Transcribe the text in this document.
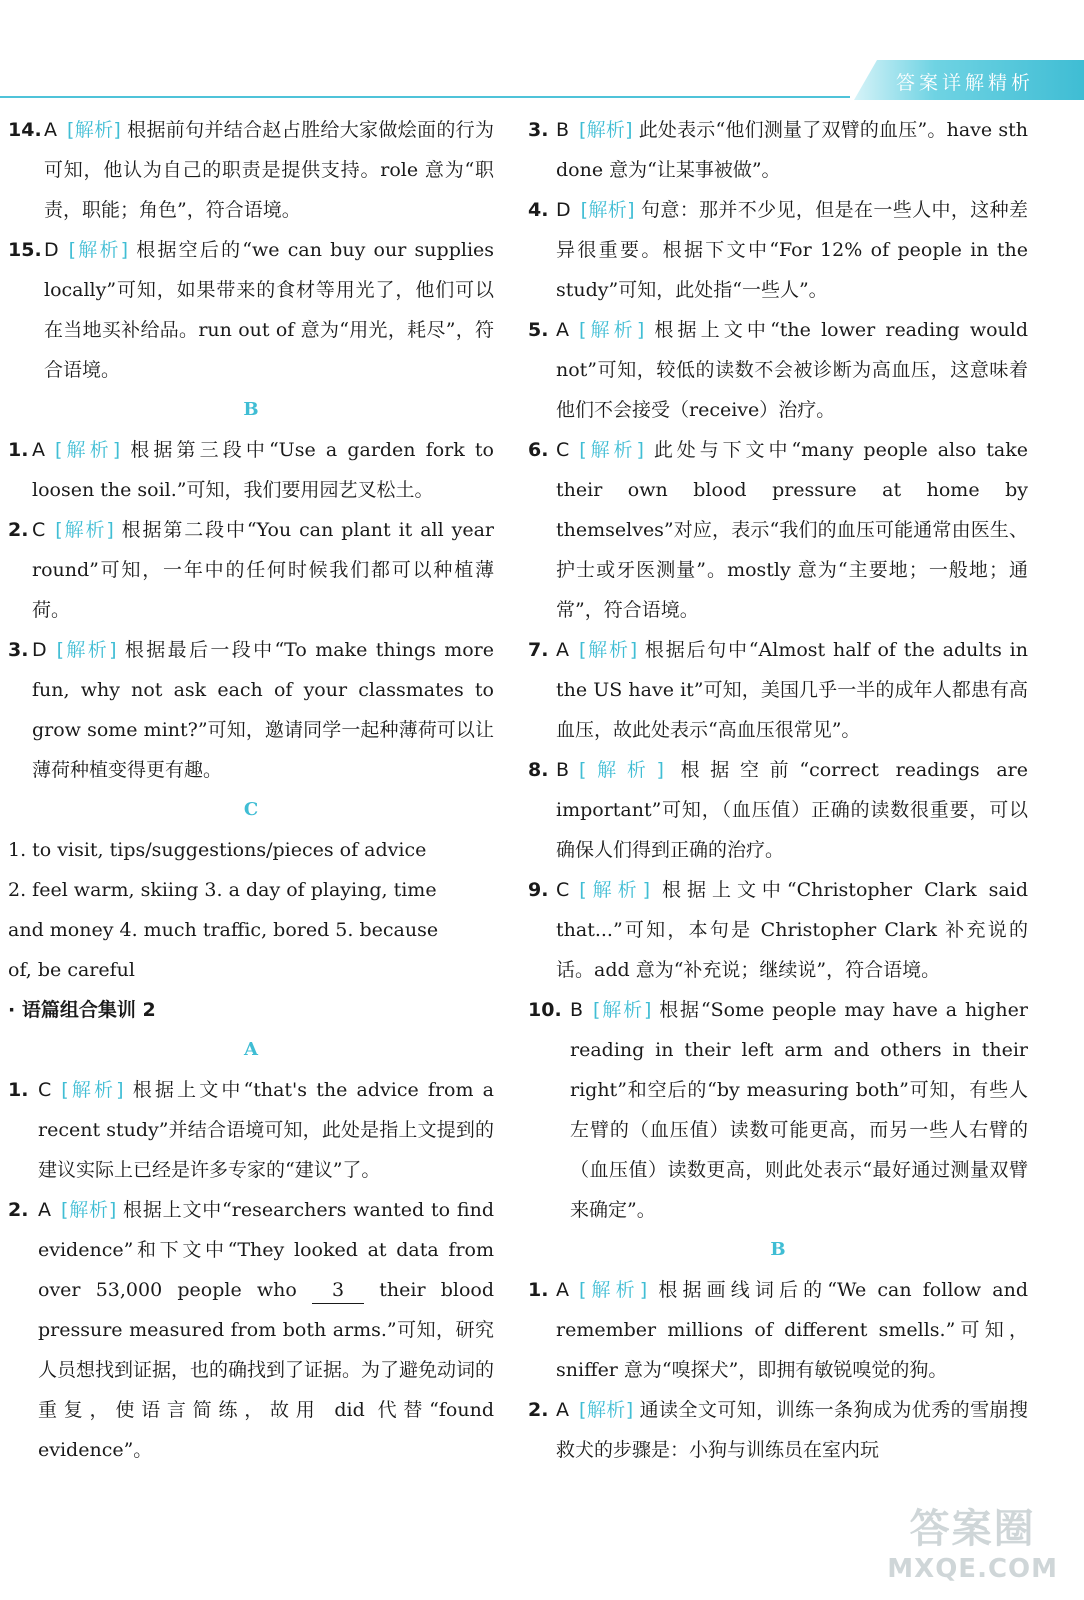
答案详解精析
14. A [解析] 根据前句并结合赵占胜给大家做烩面的行为可知，他认为自己的职责是提供支持。role 意为“职责，职能；角色”，符合语境。
15. D [解析] 根据空后的“we can buy our supplies locally”可知，如果带来的食材等用光了，他们可以在当地买补给品。run out of 意为“用光，耗尽”，符合语境。
B
1. A [解析] 根据第三段中“Use a garden fork to loosen the soil.”可知，我们要用园艺叉松土。
2. C [解析] 根据第二段中“You can plant it all year round”可知，一年中的任何时候我们都可以种植薄荷。
3. D [解析] 根据最后一段中“To make things more fun, why not ask each of your classmates to grow some mint?”可知，邀请同学一起种薄荷可以让薄荷种植变得更有趣。
C
1. to visit, tips/suggestions/pieces of advice
2. feel warm, skiing 3. a day of playing, time
and money 4. much traffic, bored 5. because
of, be careful
· 语篇组合集训 2
A
1. C [解析] 根据上文中“that's the advice from a recent study”并结合语境可知，此处是指上文提到的建议实际上已经是许多专家的“建议”了。
2. A [解析] 根据上文中“researchers wanted to find evidence”和下文中“They looked at data from over 53,000 people who 3 their blood pressure measured from both arms.”可知，研究人员想找到证据，也的确找到了证据。为了避免动词的重复，使语言简练，故用 did 代替“found evidence”。
3. B [解析] 此处表示“他们测量了双臂的血压”。have sth done 意为“让某事被做”。
4. D [解析] 句意：那并不少见，但是在一些人中，这种差异很重要。根据下文中“For 12% of people in the study”可知，此处指“一些人”。
5. A [解析] 根据上文中“the lower reading would not”可知，较低的读数不会被诊断为高血压，这意味着他们不会接受（receive）治疗。
6. C [解析] 此处与下文中“many people also take their own blood pressure at home by themselves”对应，表示“我们的血压可能通常由医生、护士或牙医测量”。mostly 意为“主要地；一般地；通常”，符合语境。
7. A [解析] 根据后句中“Almost half of the adults in the US have it”可知，美国几乎一半的成年人都患有高血压，故此处表示“高血压很常见”。
8. B [解析] 根据空前“correct readings are important”可知，（血压值）正确的读数很重要，可以确保人们得到正确的治疗。
9. C [解析] 根据上文中“Christopher Clark said that...”可知，本句是 Christopher Clark 补充说的话。add 意为“补充说；继续说”，符合语境。
10. B [解析] 根据“Some people may have a higher reading in their left arm and others in their right”和空后的“by measuring both”可知，有些人左臂的（血压值）读数可能更高，而另一些人右臂的（血压值）读数更高，则此处表示“最好通过测量双臂来确定”。
B
1. A [解析] 根据画线词后的“We can follow and remember millions of different smells.”可知，sniffer 意为“嗅探犬”，即拥有敏锐嗅觉的狗。
2. A [解析] 通读全文可知，训练一条狗成为优秀的雪崩搜救犬的步骤是：小狗与训练员在室内玩
答案圈
MXQE.COM
